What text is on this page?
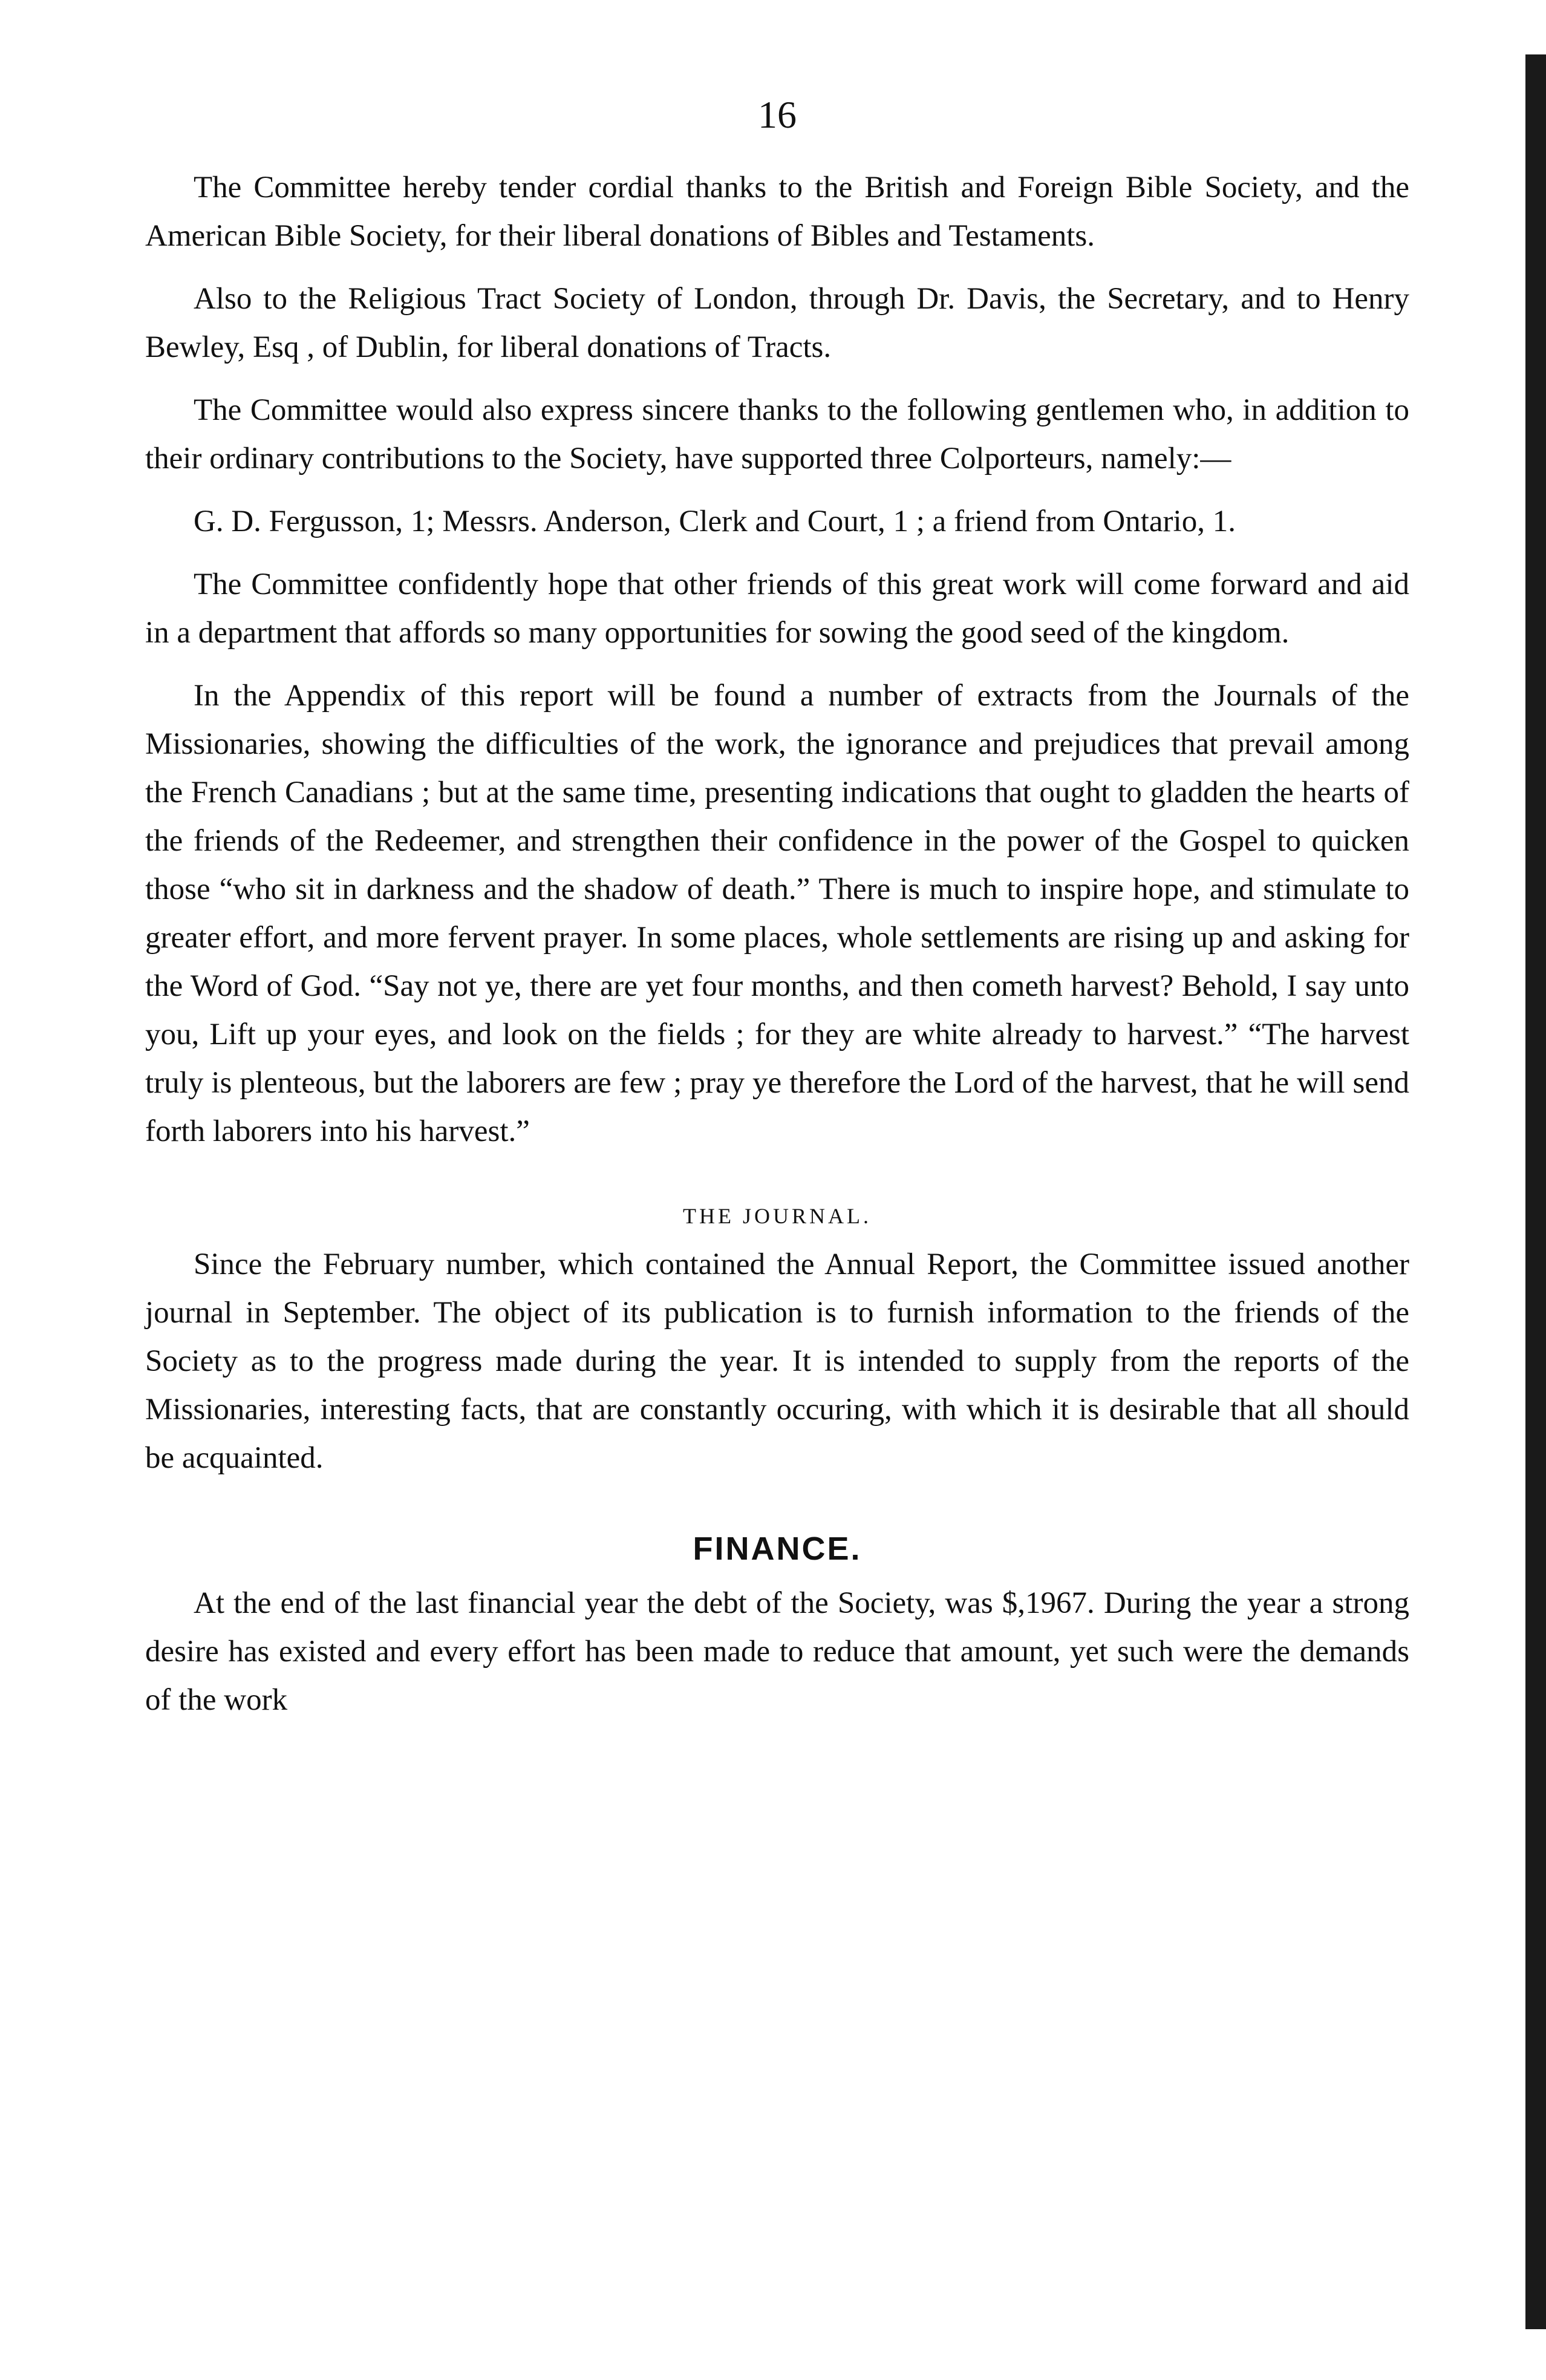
16

The Committee hereby tender cordial thanks to the British and Foreign Bible Society, and the American Bible Society, for their liberal donations of Bibles and Testaments.

Also to the Religious Tract Society of London, through Dr. Davis, the Secretary, and to Henry Bewley, Esq , of Dublin, for liberal donations of Tracts.

The Committee would also express sincere thanks to the following gentlemen who, in addition to their ordinary contributions to the Society, have supported three Colporteurs, namely:—

G. D. Fergusson, 1; Messrs. Anderson, Clerk and Court, 1 ; a friend from Ontario, 1.

The Committee confidently hope that other friends of this great work will come forward and aid in a department that affords so many opportunities for sowing the good seed of the kingdom.

In the Appendix of this report will be found a number of extracts from the Journals of the Missionaries, showing the difficulties of the work, the ignorance and prejudices that prevail among the French Canadians ; but at the same time, presenting indications that ought to gladden the hearts of the friends of the Redeemer, and strengthen their confidence in the power of the Gospel to quicken those “who sit in darkness and the shadow of death.” There is much to inspire hope, and stimulate to greater effort, and more fervent prayer. In some places, whole settlements are rising up and asking for the Word of God. “Say not ye, there are yet four months, and then cometh harvest? Behold, I say unto you, Lift up your eyes, and look on the fields ; for they are white already to harvest.” “The harvest truly is plenteous, but the laborers are few ; pray ye therefore the Lord of the harvest, that he will send forth laborers into his harvest.”

THE JOURNAL.

Since the February number, which contained the Annual Report, the Committee issued another journal in September. The object of its publication is to furnish information to the friends of the Society as to the progress made during the year. It is intended to supply from the reports of the Missionaries, interesting facts, that are constantly occuring, with which it is desirable that all should be acquainted.

FINANCE.

At the end of the last financial year the debt of the Society, was $,1967. During the year a strong desire has existed and every effort has been made to reduce that amount, yet such were the demands of the work
